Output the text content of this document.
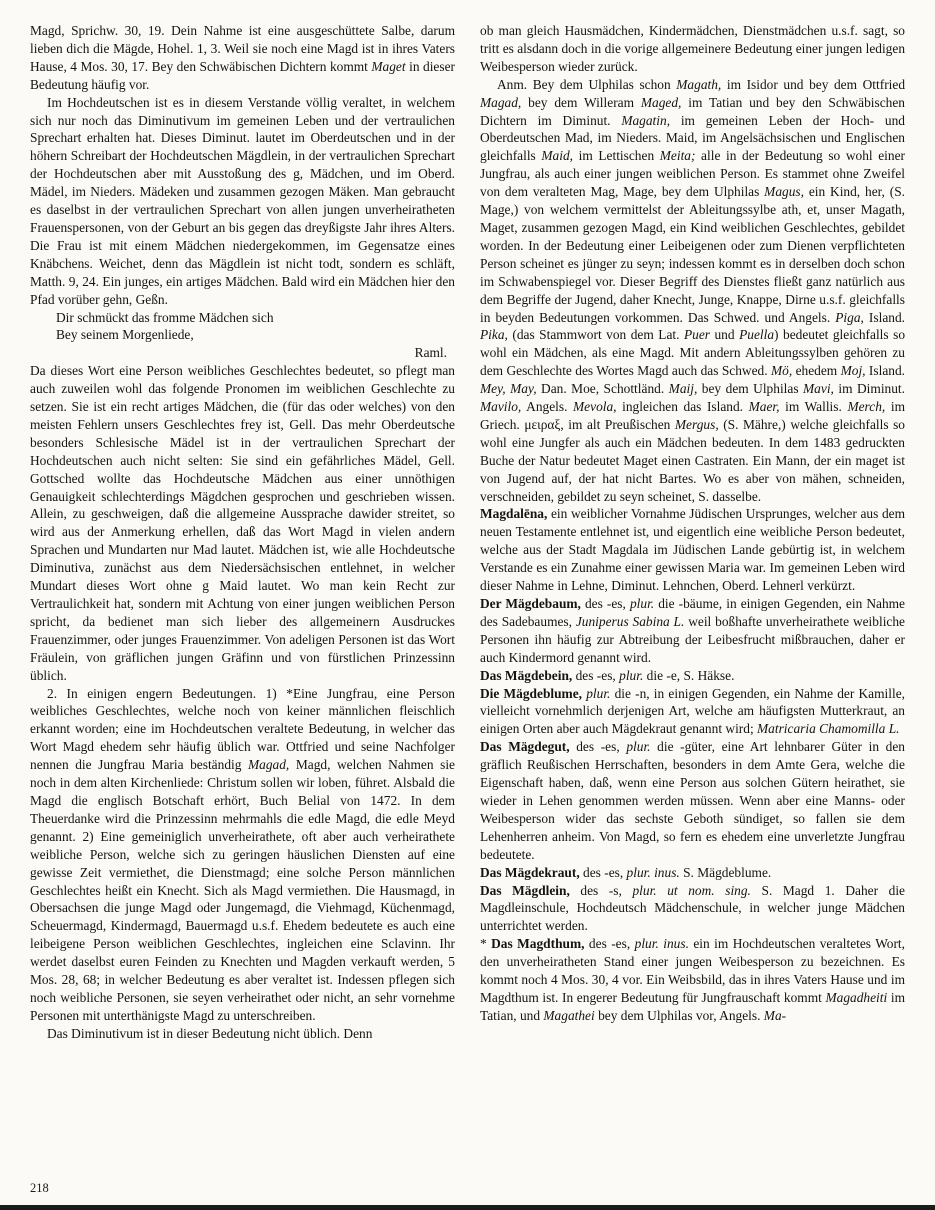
Magd, Sprichw. 30, 19. Dein Nahme ist eine ausgeschüttete Salbe, darum lieben dich die Mägde, Hohel. 1, 3. Weil sie noch eine Magd ist in ihres Vaters Hause, 4 Mos. 30, 17. Bey den Schwäbischen Dichtern kommt Maget in dieser Bedeutung häufig vor.

Im Hochdeutschen ist es in diesem Verstande völlig veraltet, in welchem sich nur noch das Diminutivum im gemeinen Leben und der vertraulichen Sprechart erhalten hat. Dieses Diminut. lautet im Oberdeutschen und in der höhern Schreibart der Hochdeutschen Mägdlein, in der vertraulichen Sprechart der Hochdeutschen aber mit Ausstoßung des g, Mädchen, und im Oberd. Mädel, im Nieders. Mädeken und zusammen gezogen Mäken. Man gebraucht es daselbst in der vertraulichen Sprechart von allen jungen unverheiratheten Frauenspersonen, von der Geburt an bis gegen das dreyßigste Jahr ihres Alters. Die Frau ist mit einem Mädchen niedergekommen, im Gegensatze eines Knäbchens. Weichet, denn das Mägdlein ist nicht todt, sondern es schläft, Matth. 9, 24. Ein junges, ein artiges Mädchen. Bald wird ein Mädchen hier den Pfad vorüber gehn, Geßn.

Dir schmückt das fromme Mädchen sich

Bey seinem Morgenliede,

Raml.

Da dieses Wort eine Person weibliches Geschlechtes bedeutet, so pflegt man auch zuweilen wohl das folgende Pronomen im weiblichen Geschlechte zu setzen. Sie ist ein recht artiges Mädchen, die (für das oder welches) von den meisten Fehlern unsers Geschlechtes frey ist, Gell. Das mehr Oberdeutsche besonders Schlesische Mädel ist in der vertraulichen Sprechart der Hochdeutschen auch nicht selten: Sie sind ein gefährliches Mädel, Gell. Gottsched wollte das Hochdeutsche Mädchen aus einer unnöthigen Genauigkeit schlechterdings Mägdchen gesprochen und geschrieben wissen. Allein, zu geschweigen, daß die allgemeine Aussprache dawider streitet, so wird aus der Anmerkung erhellen, daß das Wort Magd in vielen andern Sprachen und Mundarten nur Mad lautet. Mädchen ist, wie alle Hochdeutsche Diminutiva, zunächst aus dem Niedersächsischen entlehnet, in welcher Mundart dieses Wort ohne g Maid lautet. Wo man kein Recht zur Vertraulichkeit hat, sondern mit Achtung von einer jungen weiblichen Person spricht, da bedienet man sich lieber des allgemeinern Ausdruckes Frauenzimmer, oder junges Frauenzimmer. Von adeligen Personen ist das Wort Fräulein, von gräflichen jungen Gräfinn und von fürstlichen Prinzessinn üblich.

2. In einigen engern Bedeutungen. 1) *Eine Jungfrau, eine Person weibliches Geschlechtes, welche noch von keiner männlichen fleischlich erkannt worden; eine im Hochdeutschen veraltete Bedeutung, in welcher das Wort Magd ehedem sehr häufig üblich war. Ottfried und seine Nachfolger nennen die Jungfrau Maria beständig Magad, Magd, welchen Nahmen sie noch in dem alten Kirchenliede: Christum sollen wir loben, führet. Alsbald die Magd die englisch Botschaft erhört, Buch Belial von 1472. In dem Theuerdanke wird die Prinzessinn mehrmahls die edle Magd, die edle Meyd genannt. 2) Eine gemeiniglich unverheirathete, oft aber auch verheirathete weibliche Person, welche sich zu geringen häuslichen Diensten auf eine gewisse Zeit vermiethet, die Dienstmagd; eine solche Person männlichen Geschlechtes heißt ein Knecht. Sich als Magd vermiethen. Die Hausmagd, in Obersachsen die junge Magd oder Jungemagd, die Viehmagd, Küchenmagd, Scheuermagd, Kindermagd, Bauermagd u.s.f. Ehedem bedeutete es auch eine leibeigene Person weiblichen Geschlechtes, ingleichen eine Sclavinn. Ihr werdet daselbst euren Feinden zu Knechten und Magden verkauft werden, 5 Mos. 28, 68; in welcher Bedeutung es aber veraltet ist. Indessen pflegen sich noch weibliche Personen, sie seyen verheirathet oder nicht, an sehr vornehme Personen mit unterthänigste Magd zu unterschreiben.

Das Diminutivum ist in dieser Bedeutung nicht üblich. Denn

ob man gleich Hausmädchen, Kindermädchen, Dienstmädchen u.s.f. sagt, so tritt es alsdann doch in die vorige allgemeinere Bedeutung einer jungen ledigen Weibesperson wieder zurück.

Anm. Bey dem Ulphilas schon Magath, im Isidor und bey dem Ottfried Magad, bey dem Willeram Maged, im Tatian und bey den Schwäbischen Dichtern im Diminut. Magatin, im gemeinen Leben der Hoch- und Oberdeutschen Mad, im Nieders. Maid, im Angelsächsischen und Englischen gleichfalls Maid, im Lettischen Meita; alle in der Bedeutung so wohl einer Jungfrau, als auch einer jungen weiblichen Person. Es stammet ohne Zweifel von dem veralteten Mag, Mage, bey dem Ulphilas Magus, ein Kind, her, (S. Mage,) von welchem vermittelst der Ableitungssylbe ath, et, unser Magath, Maget, zusammen gezogen Magd, ein Kind weiblichen Geschlechtes, gebildet worden. In der Bedeutung einer Leibeigenen oder zum Dienen verpflichteten Person scheinet es jünger zu seyn; indessen kommt es in derselben doch schon im Schwabenspiegel vor. Dieser Begriff des Dienstes fließt ganz natürlich aus dem Begriffe der Jugend, daher Knecht, Junge, Knappe, Dirne u.s.f. gleichfalls in beyden Bedeutungen vorkommen. Das Schwed. und Angels. Piga, Island. Pika, (das Stammwort von dem Lat. Puer und Puella) bedeutet gleichfalls so wohl ein Mädchen, als eine Magd. Mit andern Ableitungssylben gehören zu dem Geschlechte des Wortes Magd auch das Schwed. Mö, ehedem Moj, Island. Mey, May, Dan. Moe, Schottländ. Maij, bey dem Ulphilas Mavi, im Diminut. Mavilo, Angels. Mevola, ingleichen das Island. Maer, im Wallis. Merch, im Griech. μειραξ, im alt Preußischen Mergus, (S. Mähre,) welche gleichfalls so wohl eine Jungfer als auch ein Mädchen bedeuten. In dem 1483 gedruckten Buche der Natur bedeutet Maget einen Castraten. Ein Mann, der ein maget ist von Jugend auf, der hat nicht Bartes. Wo es aber von mähen, schneiden, verschneiden, gebildet zu seyn scheinet, S. dasselbe.

Magdalēna, ein weiblicher Vornahme Jüdischen Ursprunges, welcher aus dem neuen Testamente entlehnet ist, und eigentlich eine weibliche Person bedeutet, welche aus der Stadt Magdala im Jüdischen Lande gebürtig ist, in welchem Verstande es ein Zunahme einer gewissen Maria war. Im gemeinen Leben wird dieser Nahme in Lehne, Diminut. Lehnchen, Oberd. Lehnerl verkürzt.

Der Mägdebaum, des -es, plur. die -bäume, in einigen Gegenden, ein Nahme des Sadebaumes, Juniperus Sabina L. weil boßhafte unverheirathete weibliche Personen ihn häufig zur Abtreibung der Leibesfrucht mißbrauchen, daher er auch Kindermord genannt wird.

Das Mägdebein, des -es, plur. die -e, S. Häkse.

Die Mägdeblume, plur. die -n, in einigen Gegenden, ein Nahme der Kamille, vielleicht vornehmlich derjenigen Art, welche am häufigsten Mutterkraut, an einigen Orten aber auch Mägdekraut genannt wird; Matricaria Chamomilla L.

Das Mägdegut, des -es, plur. die -güter, eine Art lehnbarer Güter in den gräflich Reußischen Herrschaften, besonders in dem Amte Gera, welche die Eigenschaft haben, daß, wenn eine Person aus solchen Gütern heirathet, sie wieder in Lehen genommen werden müssen. Wenn aber eine Manns- oder Weibesperson wider das sechste Geboth sündiget, so fallen sie dem Lehenherren anheim. Von Magd, so fern es ehedem eine unverletzte Jungfrau bedeutete.

Das Mägdekraut, des -es, plur. inus. S. Mägdeblume.

Das Mägdlein, des -s, plur. ut nom. sing. S. Magd 1. Daher die Magdleinschule, Hochdeutsch Mädchenschule, in welcher junge Mädchen unterrichtet werden.

* Das Magdthum, des -es, plur. inus. ein im Hochdeutschen veraltetes Wort, den unverheiratheten Stand einer jungen Weibesperson zu bezeichnen. Es kommt noch 4 Mos. 30, 4 vor. Ein Weibsbild, das in ihres Vaters Hause und im Magdthum ist. In engerer Bedeutung für Jungfrauschaft kommt Magadheiti im Tatian, und Magathei bey dem Ulphilas vor, Angels. Ma-

218
